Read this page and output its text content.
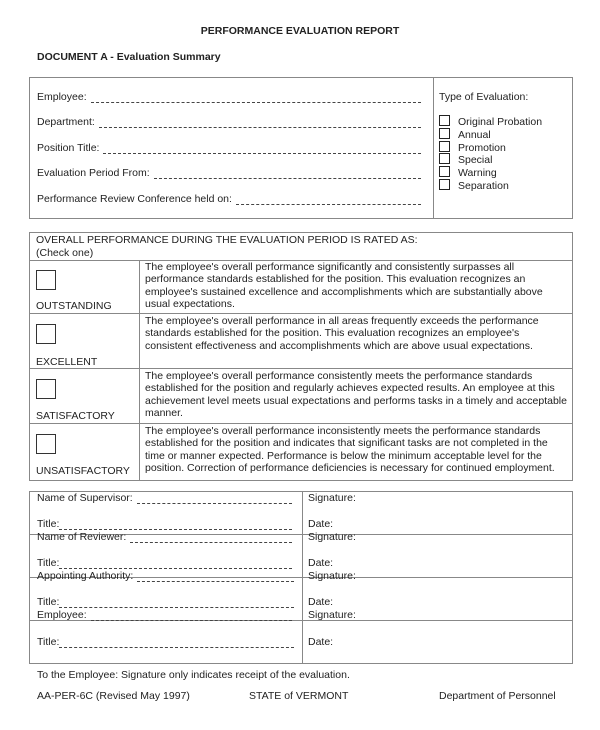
PERFORMANCE EVALUATION REPORT
DOCUMENT A - Evaluation Summary
Employee:
Department:
Position Title:
Evaluation Period From:
Performance Review Conference held on:
Type of Evaluation:
Original Probation
Annual
Promotion
Special
Warning
Separation
OVERALL PERFORMANCE DURING THE EVALUATION PERIOD IS RATED AS:
(Check one)
OUTSTANDING
The employee's overall performance significantly and consistently surpasses all performance standards established for the position. This evaluation recognizes an employee's sustained excellence and accomplishments which are substantially above usual expectations.
EXCELLENT
The employee's overall performance in all areas frequently exceeds the performance standards established for the position. This evaluation recognizes an employee's consistent effectiveness and accomplishments which are above usual expectations.
SATISFACTORY
The employee's overall performance consistently meets the performance standards established for the position and regularly achieves expected results. An employee at this achievement level meets usual expectations and performs tasks in a timely and acceptable manner.
UNSATISFACTORY
The employee's overall performance inconsistently meets the performance standards established for the position and indicates that significant tasks are not completed in the time or manner expected. Performance is below the minimum acceptable level for the position. Correction of performance deficiencies is necessary for continued employment.
Name of Supervisor:
Title:
Signature:
Date:
Name of Reviewer:
Title:
Signature:
Date:
Appointing Authority:
Title:
Signature:
Date:
Employee:
Title:
Signature:
Date:
To the Employee: Signature only indicates receipt of the evaluation.
AA-PER-6C (Revised May 1997)	STATE of VERMONT	Department of Personnel
